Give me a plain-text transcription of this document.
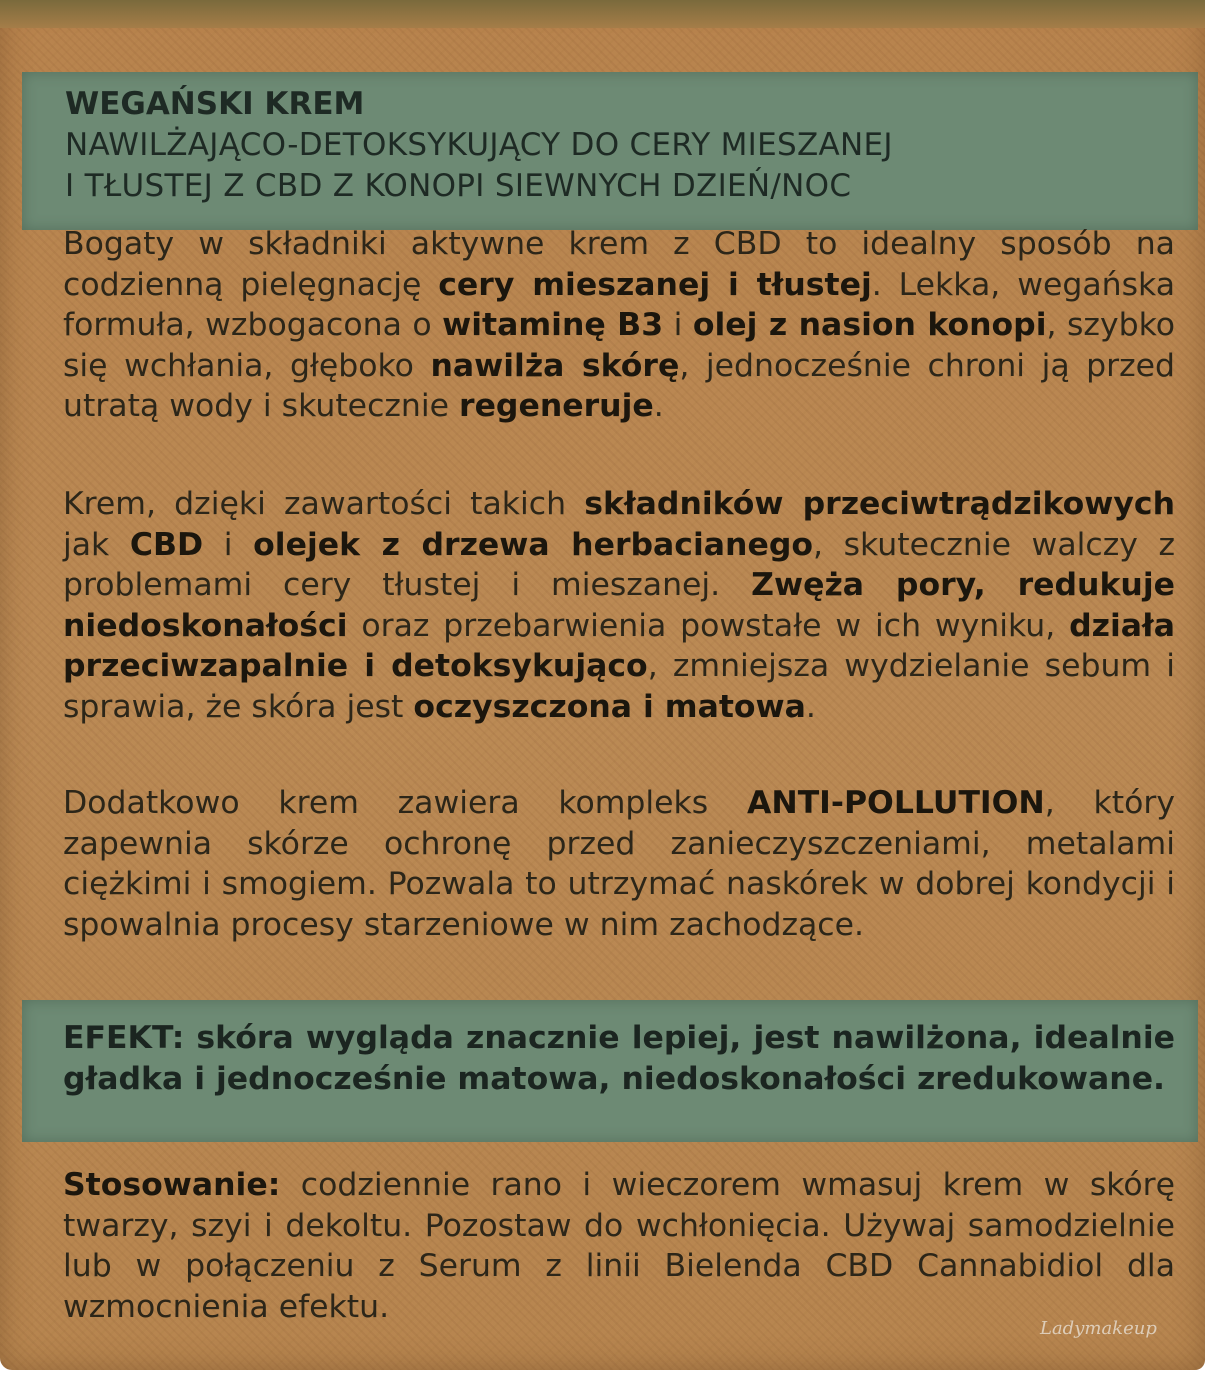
WEGAŃSKI KREM
NAWILŻAJĄCO-DETOKSYKUJĄCY DO CERY MIESZANEJ
I TŁUSTEJ Z CBD Z KONOPI SIEWNYCH DZIEŃ/NOC
Bogaty w składniki aktywne krem z CBD to idealny sposób na codzienną pielęgnację cery mieszanej i tłustej. Lekka, wegańska formuła, wzbogacona o witaminę B3 i olej z nasion konopi, szybko się wchłania, głęboko nawilża skórę, jednocześnie chroni ją przed utratą wody i skutecznie regeneruje.
Krem, dzięki zawartości takich składników przeciwtrądzikowych jak CBD i olejek z drzewa herbacianego, skutecznie walczy z problemami cery tłustej i mieszanej. Zwęża pory, redukuje niedoskonałości oraz przebarwienia powstałe w ich wyniku, działa przeciwzapalnie i detoksykująco, zmniejsza wydzielanie sebum i sprawia, że skóra jest oczyszczona i matowa.
Dodatkowo krem zawiera kompleks ANTI-POLLUTION, który zapewnia skórze ochronę przed zanieczyszczeniami, metalami ciężkimi i smogiem. Pozwala to utrzymać naskórek w dobrej kondycji i spowalnia procesy starzeniowe w nim zachodzące.
EFEKT: skóra wygląda znacznie lepiej, jest nawilżona, idealnie gładka i jednocześnie matowa, niedoskonałości zredukowane.
Stosowanie: codziennie rano i wieczorem wmasuj krem w skórę twarzy, szyi i dekoltu. Pozostaw do wchłonięcia. Używaj samodzielnie lub w połączeniu z Serum z linii Bielenda CBD Cannabidiol dla wzmocnienia efektu.
Ladymakeup
